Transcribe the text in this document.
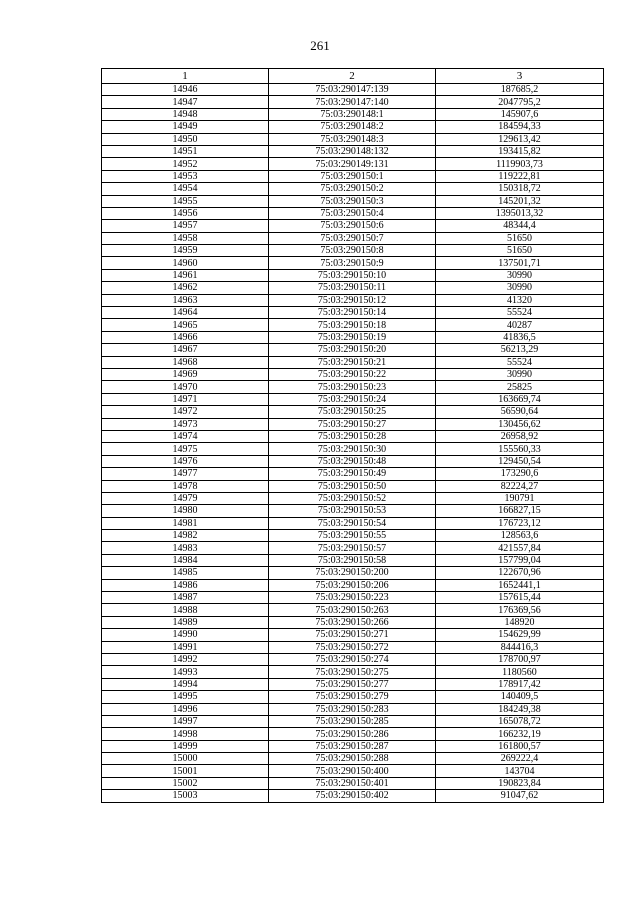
261
1	2	3
14946	75:03:290147:139	187685,2
14947	75:03:290147:140	2047795,2
14948	75:03:290148:1	145907,6
14949	75:03:290148:2	184594,33
14950	75:03:290148:3	129613,42
14951	75:03:290148:132	193415,82
14952	75:03:290149:131	1119903,73
14953	75:03:290150:1	119222,81
14954	75:03:290150:2	150318,72
14955	75:03:290150:3	145201,32
14956	75:03:290150:4	1395013,32
14957	75:03:290150:6	48344,4
14958	75:03:290150:7	51650
14959	75:03:290150:8	51650
14960	75:03:290150:9	137501,71
14961	75:03:290150:10	30990
14962	75:03:290150:11	30990
14963	75:03:290150:12	41320
14964	75:03:290150:14	55524
14965	75:03:290150:18	40287
14966	75:03:290150:19	41836,5
14967	75:03:290150:20	56213,29
14968	75:03:290150:21	55524
14969	75:03:290150:22	30990
14970	75:03:290150:23	25825
14971	75:03:290150:24	163669,74
14972	75:03:290150:25	56590,64
14973	75:03:290150:27	130456,62
14974	75:03:290150:28	26958,92
14975	75:03:290150:30	155560,33
14976	75:03:290150:48	129450,54
14977	75:03:290150:49	173290,6
14978	75:03:290150:50	82224,27
14979	75:03:290150:52	190791
14980	75:03:290150:53	166827,15
14981	75:03:290150:54	176723,12
14982	75:03:290150:55	128563,6
14983	75:03:290150:57	421557,84
14984	75:03:290150:58	157799,04
14985	75:03:290150:200	122670,96
14986	75:03:290150:206	1652441,1
14987	75:03:290150:223	157615,44
14988	75:03:290150:263	176369,56
14989	75:03:290150:266	148920
14990	75:03:290150:271	154629,99
14991	75:03:290150:272	844416,3
14992	75:03:290150:274	178700,97
14993	75:03:290150:275	1180560
14994	75:03:290150:277	178917,42
14995	75:03:290150:279	140409,5
14996	75:03:290150:283	184249,38
14997	75:03:290150:285	165078,72
14998	75:03:290150:286	166232,19
14999	75:03:290150:287	161800,57
15000	75:03:290150:288	269222,4
15001	75:03:290150:400	143704
15002	75:03:290150:401	190823,84
15003	75:03:290150:402	91047,62
